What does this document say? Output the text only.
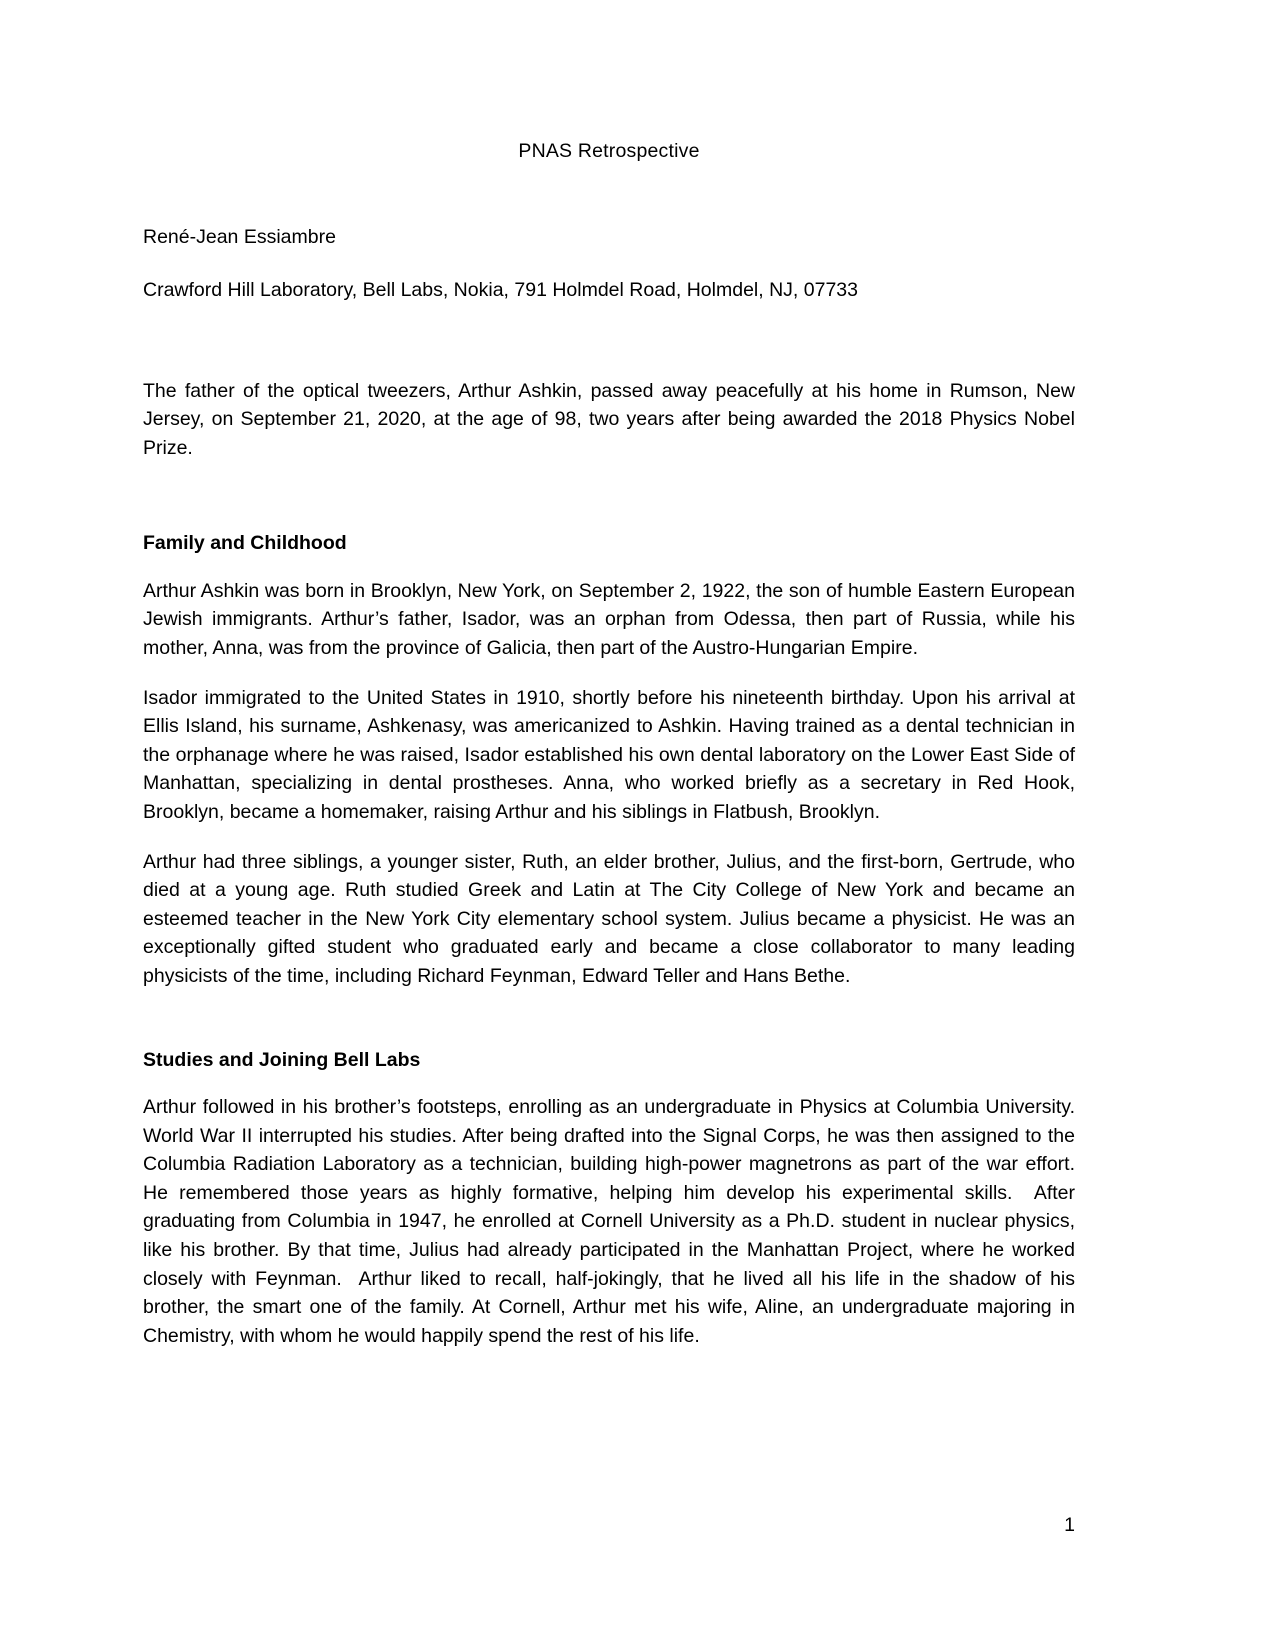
PNAS Retrospective

René-Jean Essiambre

Crawford Hill Laboratory, Bell Labs, Nokia, 791 Holmdel Road, Holmdel, NJ, 07733

The father of the optical tweezers, Arthur Ashkin, passed away peacefully at his home in Rumson, New Jersey, on September 21, 2020, at the age of 98, two years after being awarded the 2018 Physics Nobel Prize.

Family and Childhood

Arthur Ashkin was born in Brooklyn, New York, on September 2, 1922, the son of humble Eastern European Jewish immigrants. Arthur’s father, Isador, was an orphan from Odessa, then part of Russia, while his mother, Anna, was from the province of Galicia, then part of the Austro-Hungarian Empire.

Isador immigrated to the United States in 1910, shortly before his nineteenth birthday. Upon his arrival at Ellis Island, his surname, Ashkenasy, was americanized to Ashkin. Having trained as a dental technician in the orphanage where he was raised, Isador established his own dental laboratory on the Lower East Side of Manhattan, specializing in dental prostheses. Anna, who worked briefly as a secretary in Red Hook, Brooklyn, became a homemaker, raising Arthur and his siblings in Flatbush, Brooklyn.

Arthur had three siblings, a younger sister, Ruth, an elder brother, Julius, and the first-born, Gertrude, who died at a young age. Ruth studied Greek and Latin at The City College of New York and became an esteemed teacher in the New York City elementary school system. Julius became a physicist. He was an exceptionally gifted student who graduated early and became a close collaborator to many leading physicists of the time, including Richard Feynman, Edward Teller and Hans Bethe.

Studies and Joining Bell Labs

Arthur followed in his brother’s footsteps, enrolling as an undergraduate in Physics at Columbia University.  World War II interrupted his studies. After being drafted into the Signal Corps, he was then assigned to the Columbia Radiation Laboratory as a technician, building high-power magnetrons as part of the war effort.  He remembered those years as highly formative, helping him develop his experimental skills.  After graduating from Columbia in 1947, he enrolled at Cornell University as a Ph.D. student in nuclear physics, like his brother. By that time, Julius had already participated in the Manhattan Project, where he worked closely with Feynman.  Arthur liked to recall, half-jokingly, that he lived all his life in the shadow of his brother, the smart one of the family. At Cornell, Arthur met his wife, Aline, an undergraduate majoring in Chemistry, with whom he would happily spend the rest of his life.

1
